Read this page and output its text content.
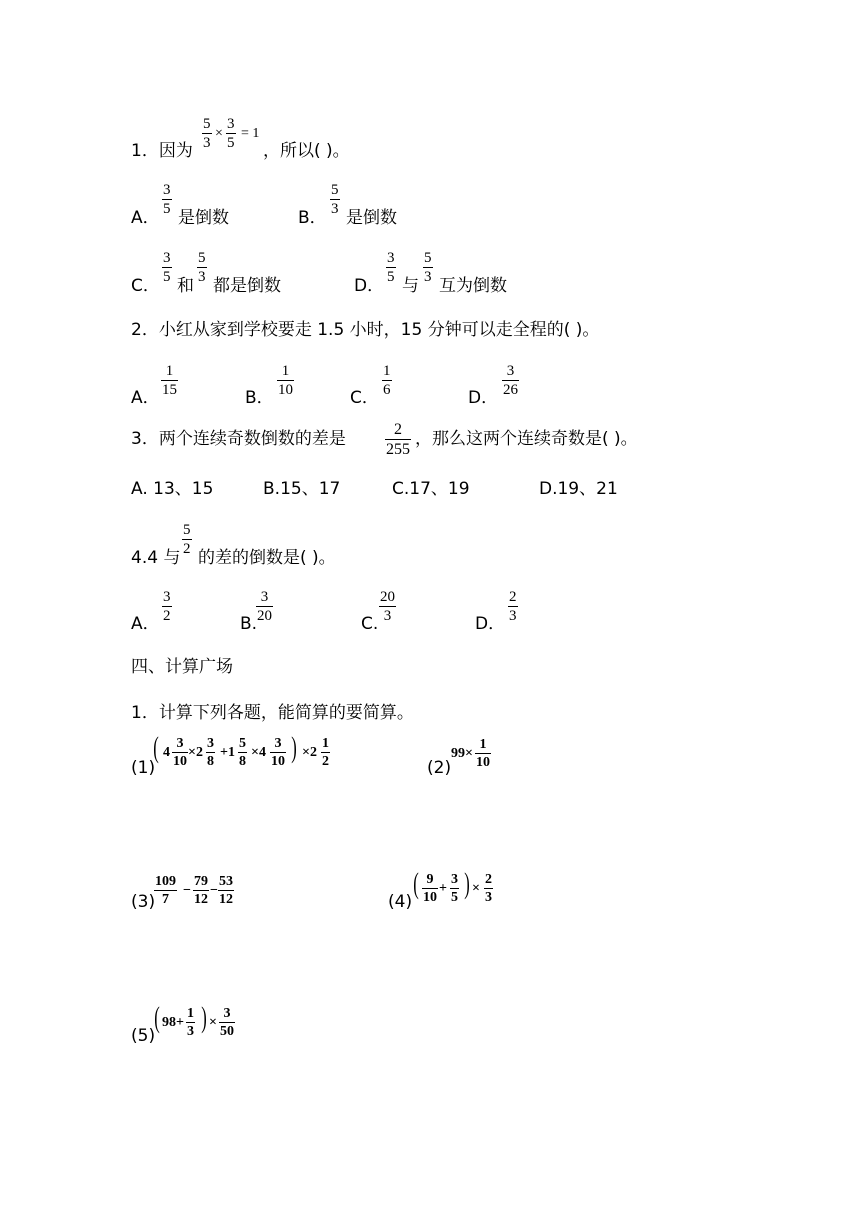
1．因为
5
3
×
3
5
= 1
，所以( )。
A．
3
5 是倒数	B．
5
3 是倒数
C．
3
5 和
5
3 都是倒数	D．
3
5 与
5
3 互为倒数
2．小红从家到学校要走 1.5 小时，15 分钟可以走全程的( )。
A．
1
15	B．
1
10	C．
1
6	D．
3
26
3．两个连续奇数倒数的差是	2
255
，那么这两个连续奇数是( )。
A. 13、15	B.15、17	C.17、19	D.19、21
4.4 与
5
2 的差的倒数是( )。
A．
3
2	B.
3
20	C.
20
3	D．
2
3
四、计算广场
1．计算下列各题，能简算的要简算。
(1)
( 4
3
10
×2
3
8
+1
5
8
×4
3
10 ) ×2
1
2	(2)
99×
1
10
(3)
109
7
−
79
12
−
53
12	(4)
( 9
10
+
3
5 ) ×
2
3
(5)
( 98+
1
3 ) ×
3
50
